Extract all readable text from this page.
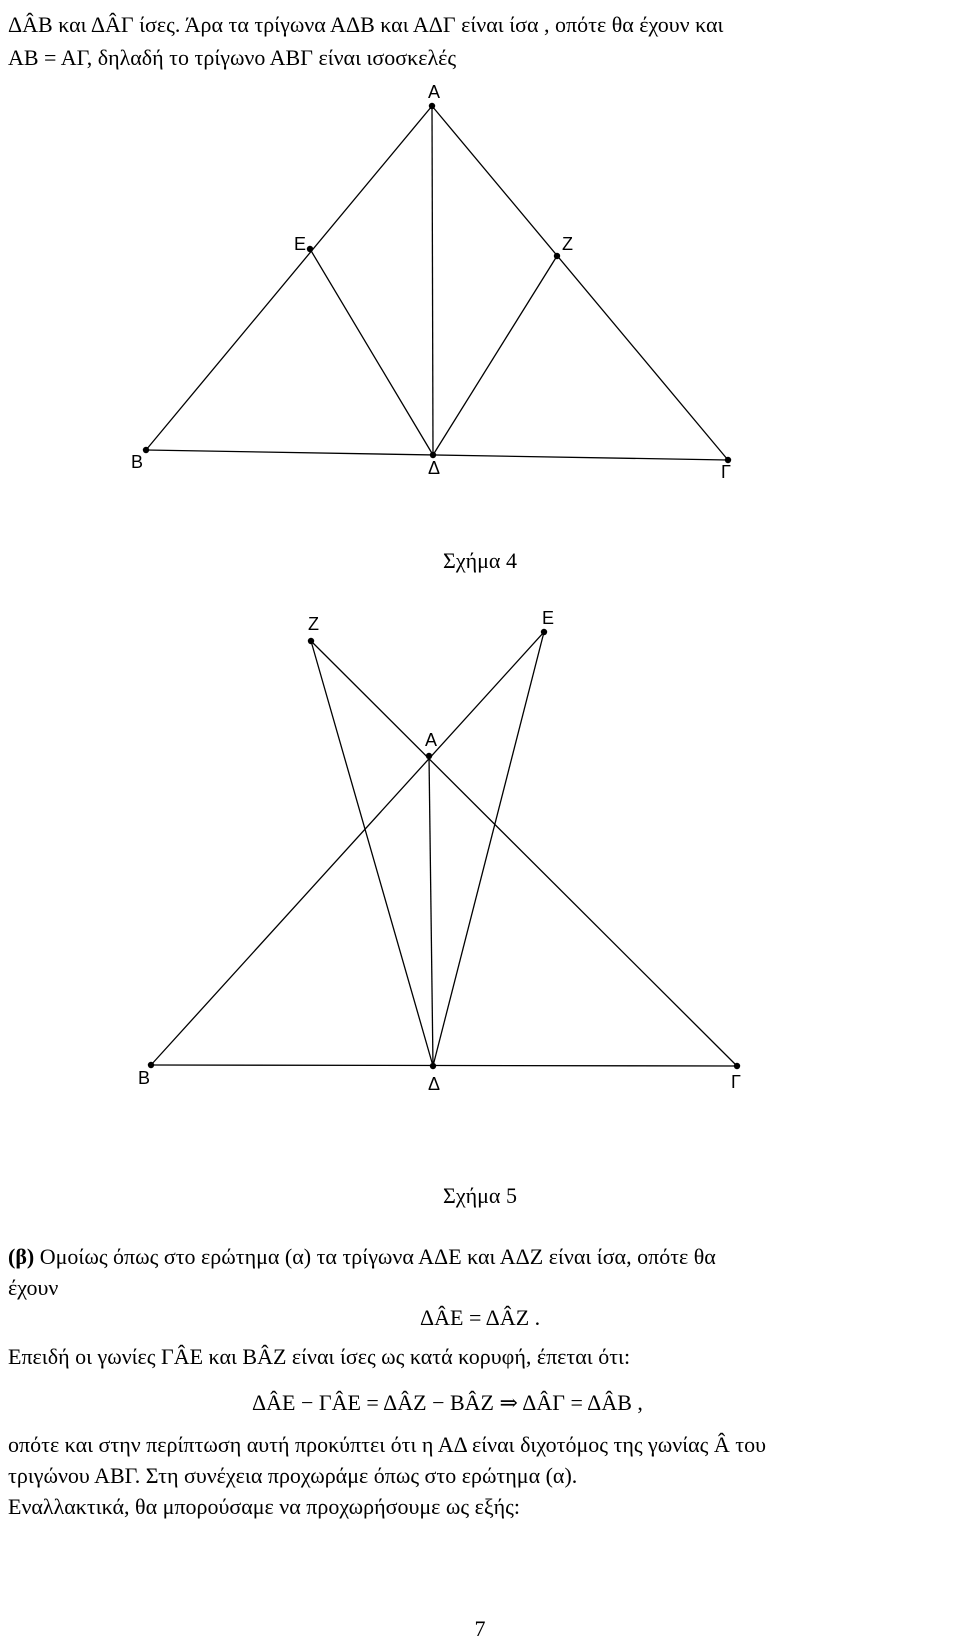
ΔÂΒ και ΔÂΓ ίσες. Άρα τα τρίγωνα ΑΔΒ και ΑΔΓ είναι ίσα , οπότε θα έχουν και
ΑΒ = ΑΓ, δηλαδή το τρίγωνο ΑΒΓ είναι ισοσκελές
Α
Ε	Ζ
Β	Δ	Γ
Σχήμα 4
Ζ	Ε
Α
Β	Δ	Γ
Σχήμα 5
(β) Ομοίως όπως στο ερώτημα (α) τα τρίγωνα ΑΔΕ και ΑΔΖ είναι ίσα, οπότε θα
έχουν
ΔÂΕ = ΔÂΖ .
Επειδή οι γωνίες ΓÂΕ και ΒÂΖ είναι ίσες ως κατά κορυφή, έπεται ότι:
ΔÂΕ − ΓÂΕ = ΔÂΖ − ΒÂΖ ⇒ ΔÂΓ = ΔÂΒ ,
οπότε και στην περίπτωση αυτή προκύπτει ότι η ΑΔ είναι διχοτόμος της γωνίας Â του
τριγώνου ΑΒΓ. Στη συνέχεια προχωράμε όπως στο ερώτημα (α).
Εναλλακτικά, θα μπορούσαμε να προχωρήσουμε ως εξής:
7
